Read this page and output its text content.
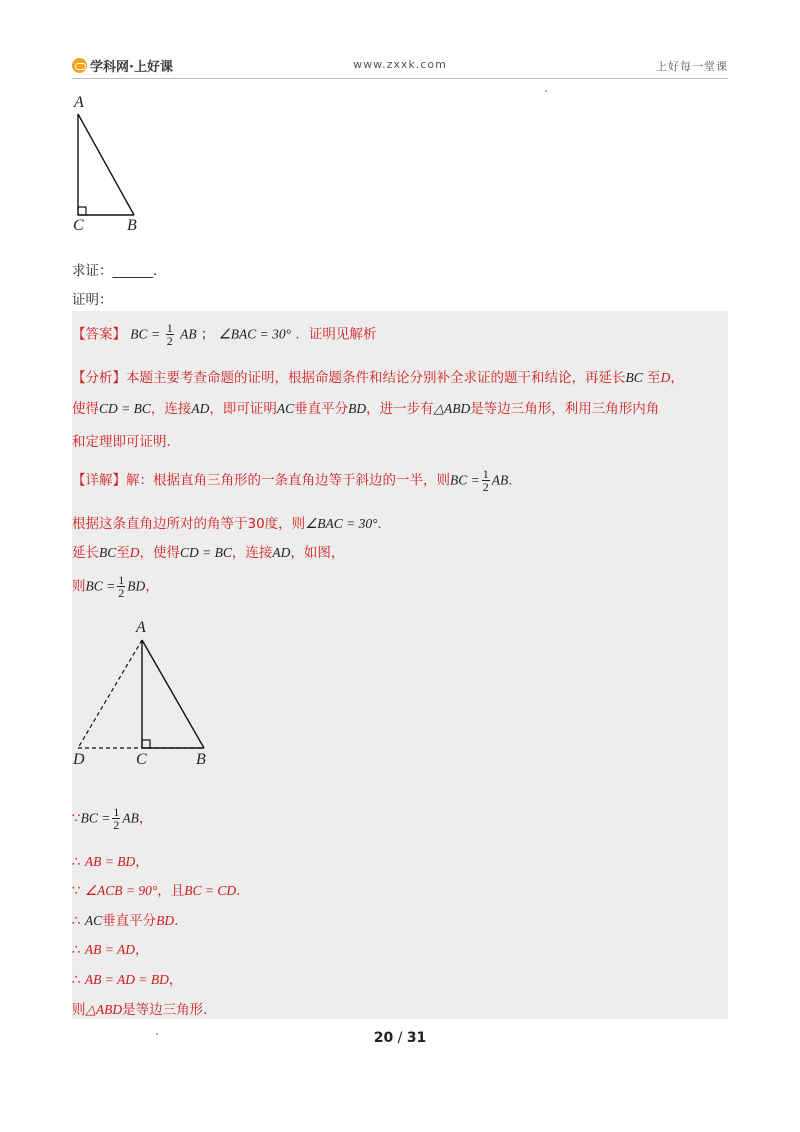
学科网·上好课	www.zxxk.com	上好每一堂课
A
C	B
求证：______.
证明：
【答案】 BC = $\frac{1}{2}$ AB ； ∠BAC = 30° ．证明见解析
【分析】本题主要考查命题的证明，根据命题条件和结论分别补全求证的题干和结论，再延长BC 至D，
使得CD = BC，连接AD，即可证明AC垂直平分BD，进一步有△ABD是等边三角形，利用三角形内角
和定理即可证明．
【详解】解：根据直角三角形的一条直角边等于斜边的一半，则BC = $\frac{1}{2}$ AB．
根据这条直角边所对的角等于30度，则∠BAC = 30°．
延长BC至D，使得CD = BC，连接AD，如图，
则BC = $\frac{1}{2}$ BD，
A
D	C	B
∵BC = $\frac{1}{2}$ AB，
∴ AB = BD，
∵ ∠ACB = 90°，且BC = CD．
∴ AC垂直平分BD.
∴ AB = AD，
∴ AB = AD = BD，
则△ABD是等边三角形．
20 / 31
